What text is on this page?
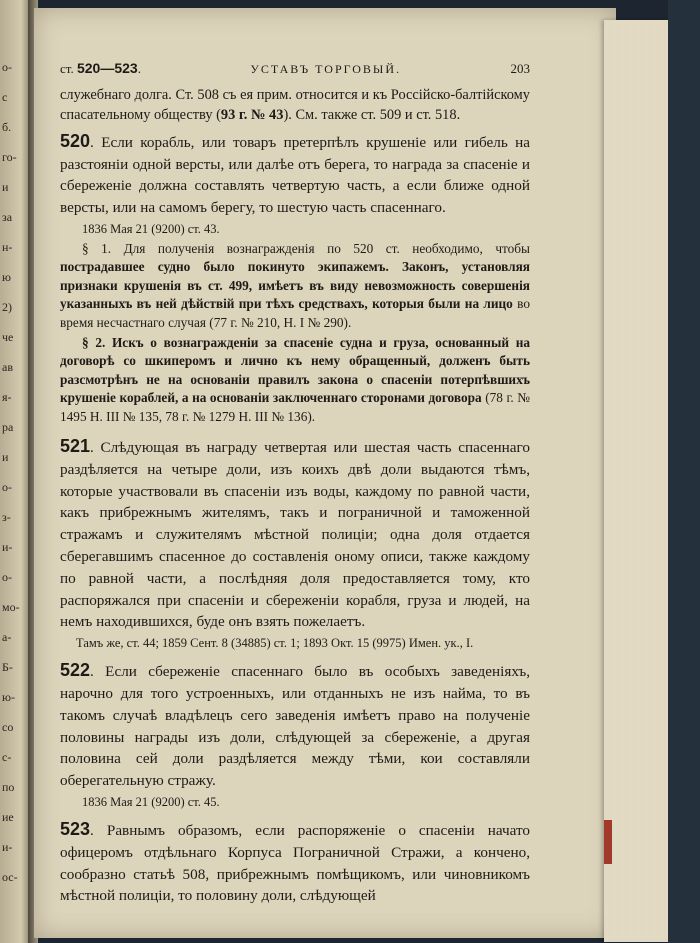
о-
с
б.
го-
и
за
н-
ю
2)
че
ав
я-
ра
и
о-
з-
и-
о-
мо-
а-
Б-
ю-
со
с-
по
ие
и-
ос-
ст. 520—523.	УСТАВЪ ТОРГОВЫЙ.	203

служебнаго долга. Ст. 508 съ ея прим. относится и къ Россiйско-балтiйскому спасательному обществу (93 г. № 43). См. также ст. 509 и ст. 518.

520. Если корабль, или товаръ претерпѣлъ крушенiе или гибель на разстоянiи одной версты, или далѣе отъ берега, то награда за спасенiе и сбереженiе должна составлять четвертую часть, а если ближе одной версты, или на самомъ берегу, то шестую часть спасеннаго.

1836 Мая 21 (9200) ст. 43.

§ 1. Для полученiя вознагражденiя по 520 ст. необходимо, чтобы пострадавшее судно было покинуто экипажемъ. Законъ, установляя признаки крушенiя въ ст. 499, имѣетъ въ виду невозможность совершенiя указанныхъ въ ней дѣйствiй при тѣхъ средствахъ, которыя были на лицо во время несчастнаго случая (77 г. № 210, Н. I № 290).

§ 2. Искъ о вознагражденiи за спасенiе судна и груза, основанный на договорѣ со шкиперомъ и лично къ нему обращенный, долженъ быть разсмотрѣнъ не на основанiи правилъ закона о спасенiи потерпѣвшихъ крушенiе кораблей, а на основанiи заключеннаго сторонами договора (78 г. № 1495 Н. III № 135, 78 г. № 1279 Н. III № 136).

521. Слѣдующая въ награду четвертая или шестая часть спасеннаго раздѣляется на четыре доли, изъ коихъ двѣ доли выдаются тѣмъ, которые участвовали въ спасенiи изъ воды, каждому по равной части, какъ прибрежнымъ жителямъ, такъ и пограничной и таможенной стражамъ и служителямъ мѣстной полицiи; одна доля отдается сберегавшимъ спасенное до составленiя оному описи, также каждому по равной части, а послѣдняя доля предоставляется тому, кто распоряжался при спасенiи и сбереженiи корабля, груза и людей, на немъ находившихся, буде онъ взять пожелаетъ.

Тамъ же, ст. 44; 1859 Сент. 8 (34885) ст. 1; 1893 Окт. 15 (9975) Имен. ук., I.

522. Если сбереженiе спасеннаго было въ особыхъ заведенiяхъ, нарочно для того устроенныхъ, или отданныхъ не изъ найма, то въ такомъ случаѣ владѣлецъ сего заведенiя имѣетъ право на полученiе половины награды изъ доли, слѣдующей за сбереженiе, а другая половина сей доли раздѣляется между тѣми, кои составляли оберегательную стражу.

1836 Мая 21 (9200) ст. 45.

523. Равнымъ образомъ, если распоряженiе о спасенiи начато офицеромъ отдѣльнаго Корпуса Пограничной Стражи, а кончено, сообразно статьѣ 508, прибрежнымъ помѣщикомъ, или чиновникомъ мѣстной полицiи, то половину доли, слѣдующей
